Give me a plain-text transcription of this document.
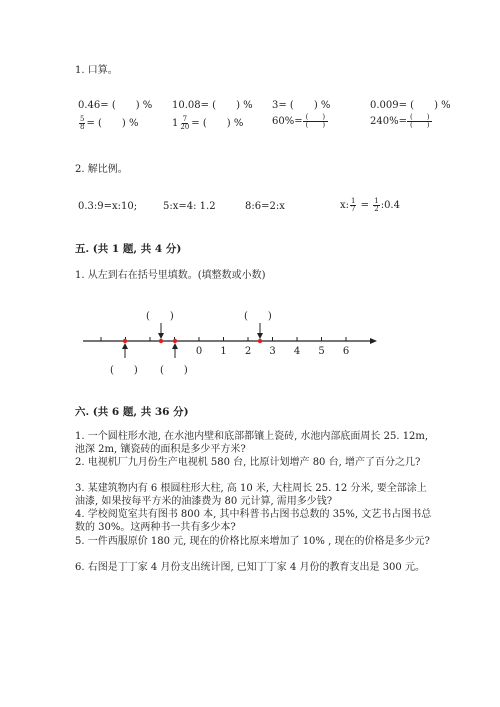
1. 口算。
0.46= (　　) % 10.08= (　　) % 3= (　　) %	0.009= (　　) %
$\frac{5}{8}$ = (　　) %	$1 \frac{7}{20}$ = (　　) %	$60\%= \frac{( )}{( )}$	$240\%= \frac{( )}{( )}$
2. 解比例。
0.3:9=x:10;	5:x=4: 1.2	8:6=2:x	x: $\frac{1}{7} = \frac{1}{2}$ :0.4
五. (共 1 题, 共 4 分)
1. 从左到右在括号里填数。(填整数或小数)
0 1 2 3 4 5 6
(　　)	(　　)
(　　) (　　)
六. (共 6 题, 共 36 分)
1. 一个圆柱形水池, 在水池内壁和底部都镶上瓷砖, 水池内部底面周长 25. 12m, 池深 2m, 镶瓷砖的面积是多少平方米?
2. 电视机厂九月份生产电视机 580 台, 比原计划增产 80 台, 增产了百分之几?
3. 某建筑物内有 6 根圆柱形大柱, 高 10 米, 大柱周长 25. 12 分米, 要全部涂上油漆, 如果按每平方米的油漆费为 80 元计算, 需用多少钱?
4. 学校阅览室共有图书 800 本, 其中科普书占图书总数的 35%, 文艺书占图书总数的 30%。这两种书一共有多少本?
5. 一件西服原价 180 元, 现在的价格比原来增加了 10% , 现在的价格是多少元?
6. 右图是丁丁家 4 月份支出统计图, 已知丁丁家 4 月份的教育支出是 300 元。
